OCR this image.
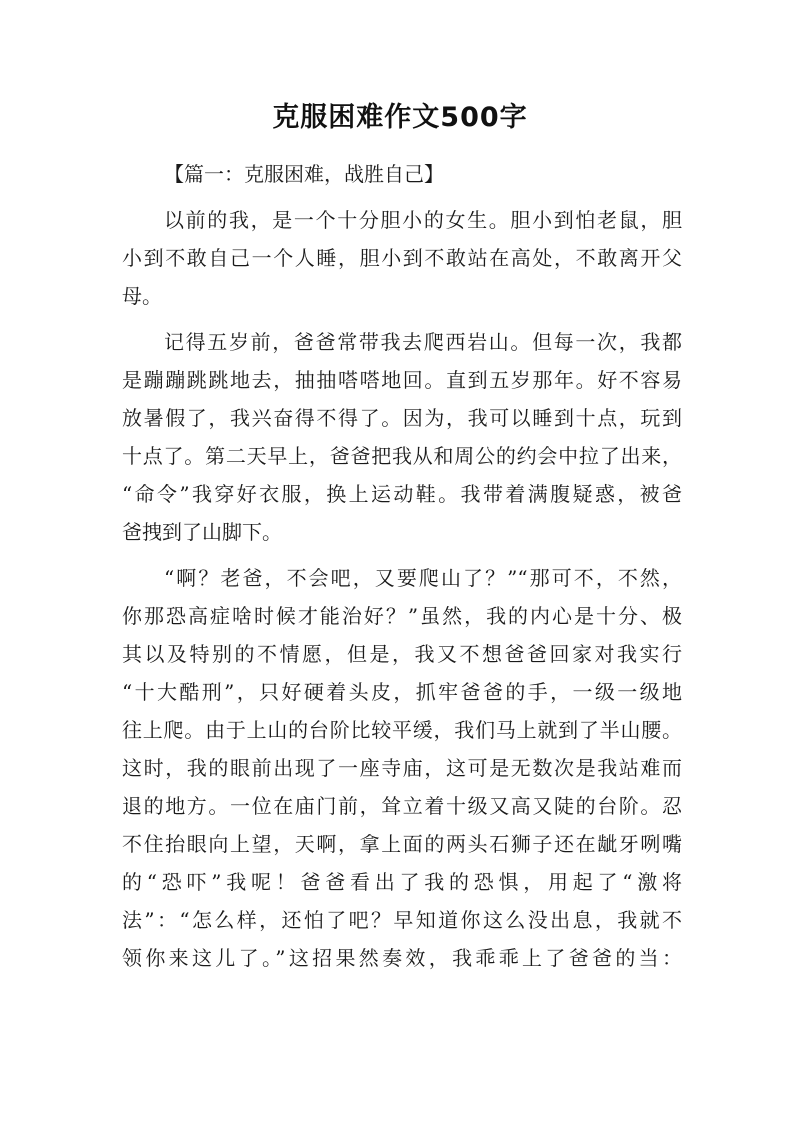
克服困难作文500字
【篇一：克服困难，战胜自己】
以前的我，是一个十分胆小的女生。胆小到怕老鼠，胆
小到不敢自己一个人睡，胆小到不敢站在高处，不敢离开父
母。
记得五岁前，爸爸常带我去爬西岩山。但每一次，我都
是蹦蹦跳跳地去，抽抽嗒嗒地回。直到五岁那年。好不容易
放暑假了，我兴奋得不得了。因为，我可以睡到十点，玩到
十点了。第二天早上，爸爸把我从和周公的约会中拉了出来，
“命令”我穿好衣服，换上运动鞋。我带着满腹疑惑，被爸
爸拽到了山脚下。
“啊？老爸，不会吧，又要爬山了？”“那可不，不然，
你那恐高症啥时候才能治好？”虽然，我的内心是十分、极
其以及特别的不情愿，但是，我又不想爸爸回家对我实行
“十大酷刑”，只好硬着头皮，抓牢爸爸的手，一级一级地
往上爬。由于上山的台阶比较平缓，我们马上就到了半山腰。
这时，我的眼前出现了一座寺庙，这可是无数次是我站难而
退的地方。一位在庙门前，耸立着十级又高又陡的台阶。忍
不住抬眼向上望，天啊，拿上面的两头石狮子还在龇牙咧嘴
的“恐吓”我呢！爸爸看出了我的恐惧，用起了“激将
法”：“怎么样，还怕了吧？早知道你这么没出息，我就不
领你来这儿了。”这招果然奏效，我乖乖上了爸爸的当：
